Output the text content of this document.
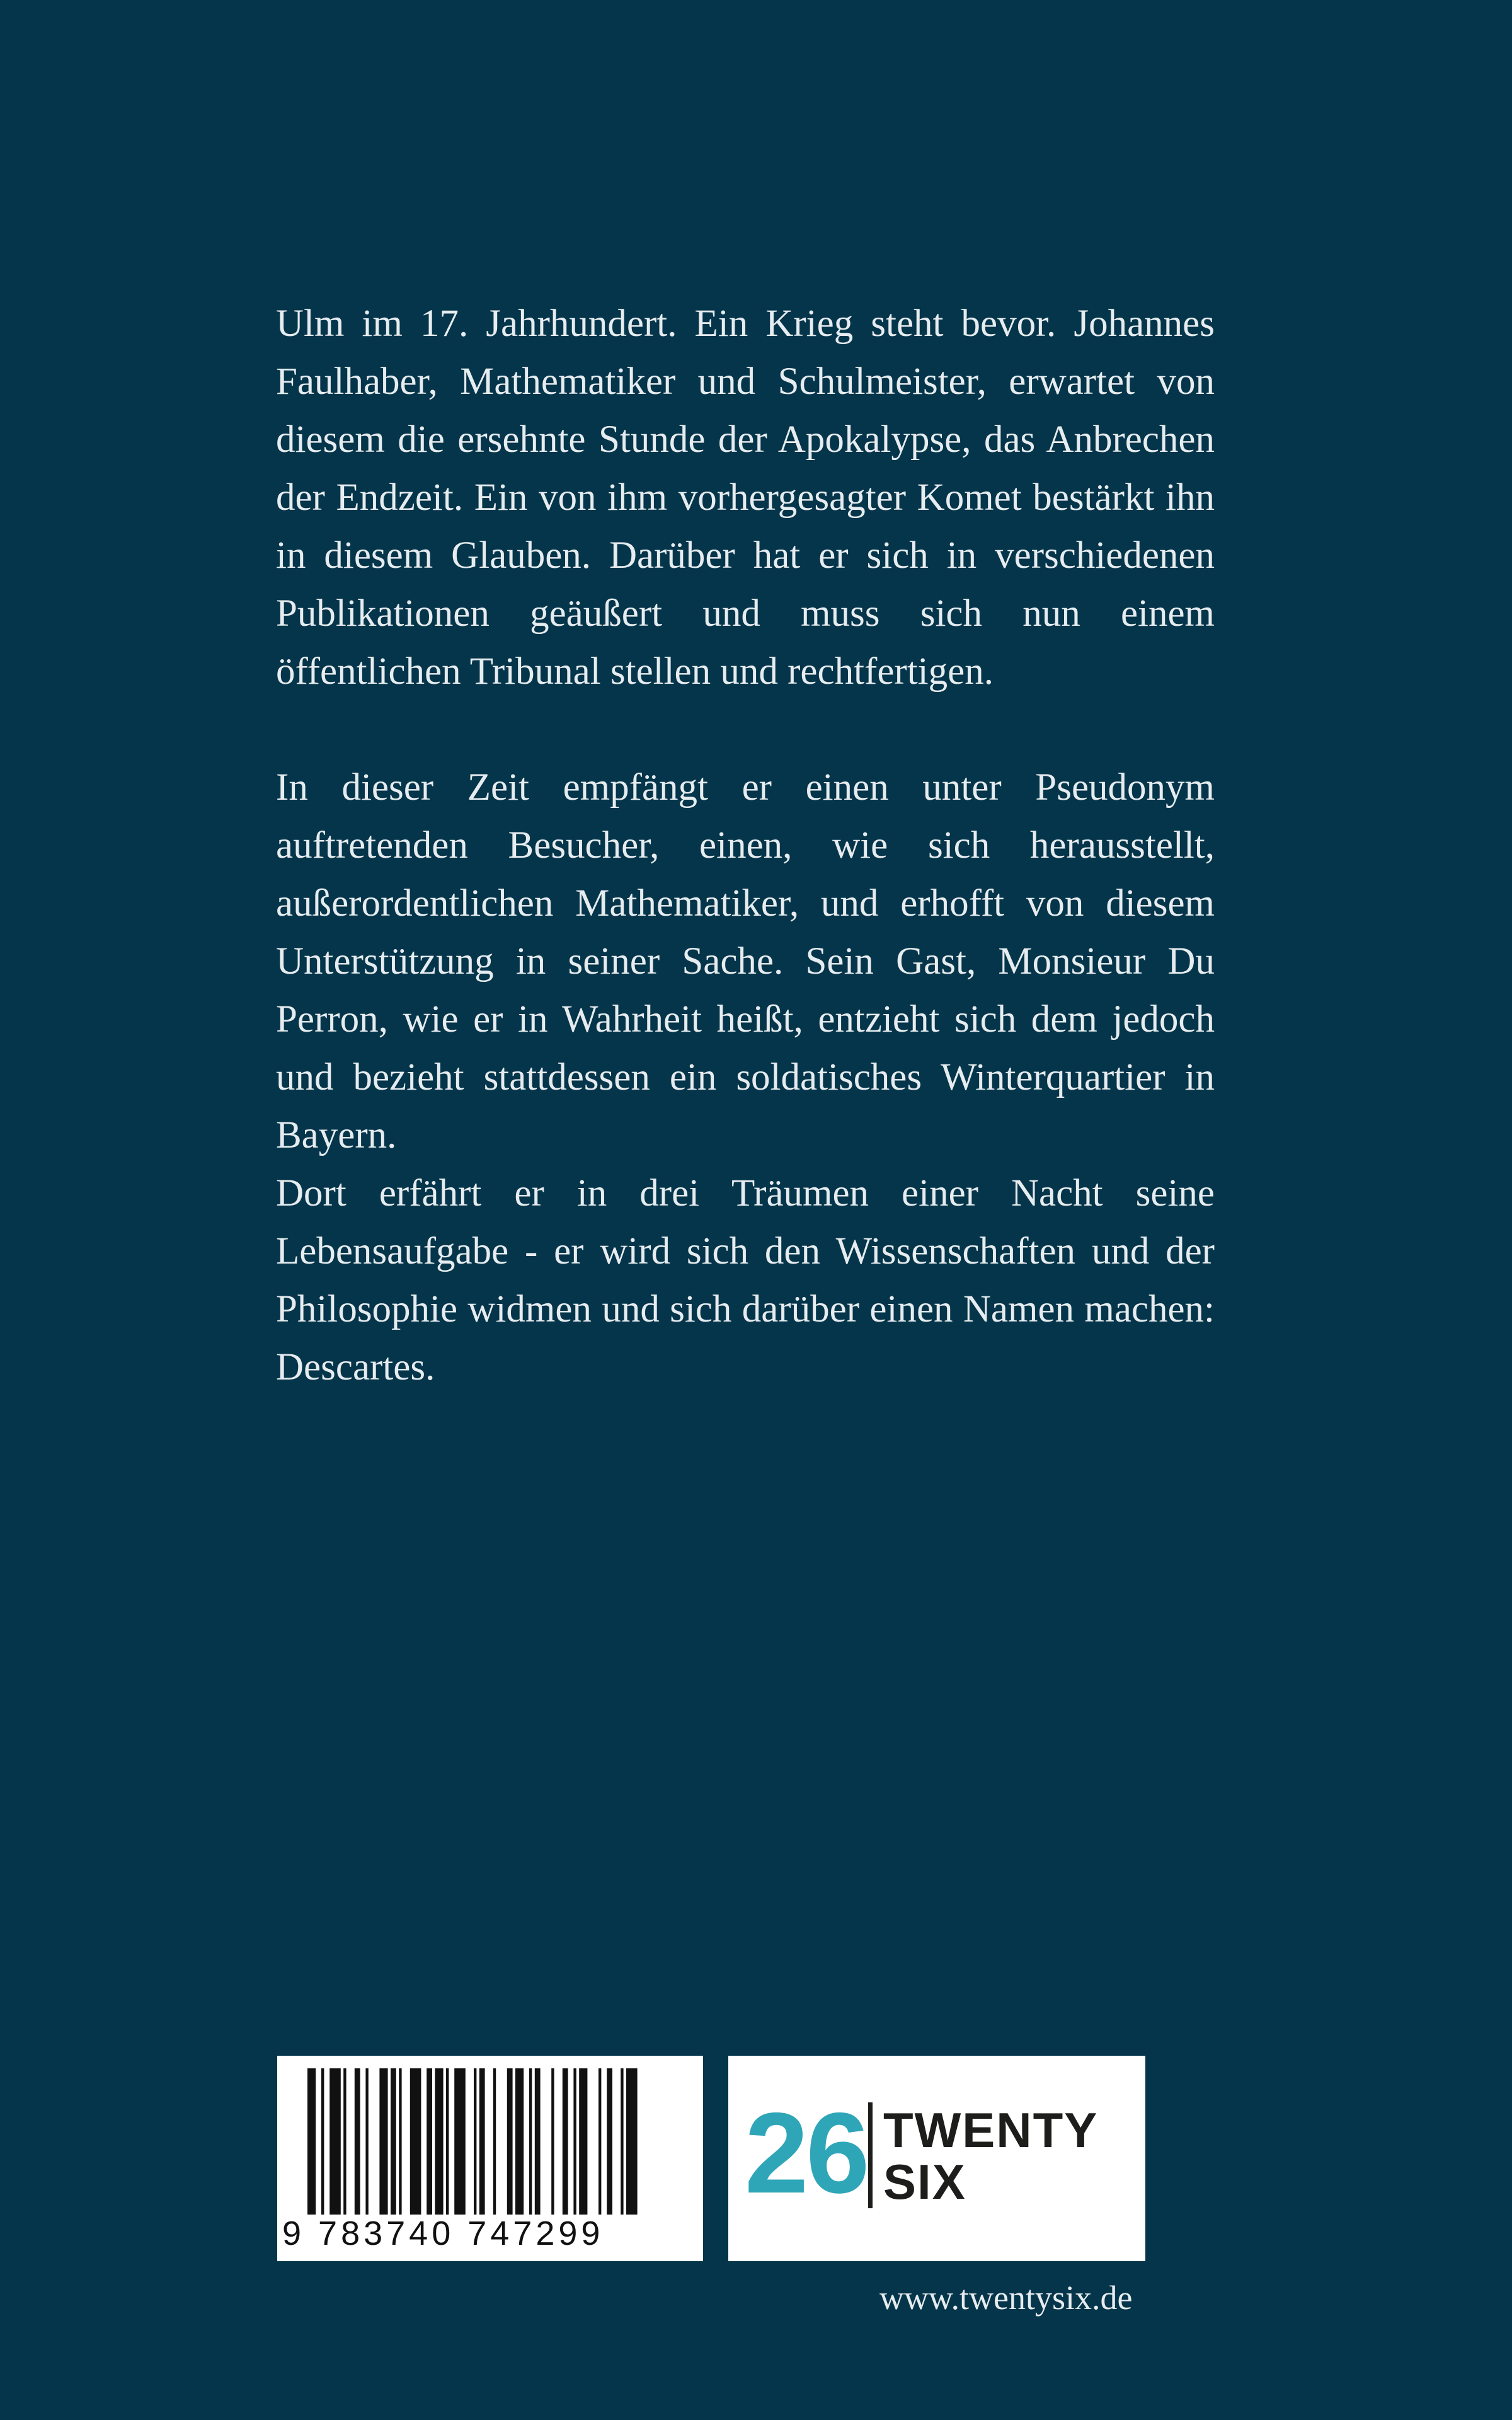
Ulm im 17. Jahrhundert. Ein Krieg steht bevor. Johannes Faulhaber, Mathematiker und Schulmeister, erwartet von diesem die ersehnte Stunde der Apokalypse, das Anbrechen der Endzeit. Ein von ihm vorhergesagter Komet bestärkt ihn in diesem Glauben. Darüber hat er sich in verschiedenen Publikationen geäußert und muss sich nun einem öffentlichen Tribunal stellen und rechtfertigen.

In dieser Zeit empfängt er einen unter Pseudonym auftretenden Besucher, einen, wie sich herausstellt, außerordentlichen Mathematiker, und erhofft von diesem Unterstützung in seiner Sache. Sein Gast, Monsieur Du Perron, wie er in Wahrheit heißt, entzieht sich dem jedoch und bezieht stattdessen ein soldatisches Winterquartier in Bayern.

Dort erfährt er in drei Träumen einer Nacht seine Lebensaufgabe - er wird sich den Wissenschaften und der Philosophie widmen und sich darüber einen Namen machen: Descartes.

9 783740 747299
26 TWENTY
SIX
www.twentysix.de
